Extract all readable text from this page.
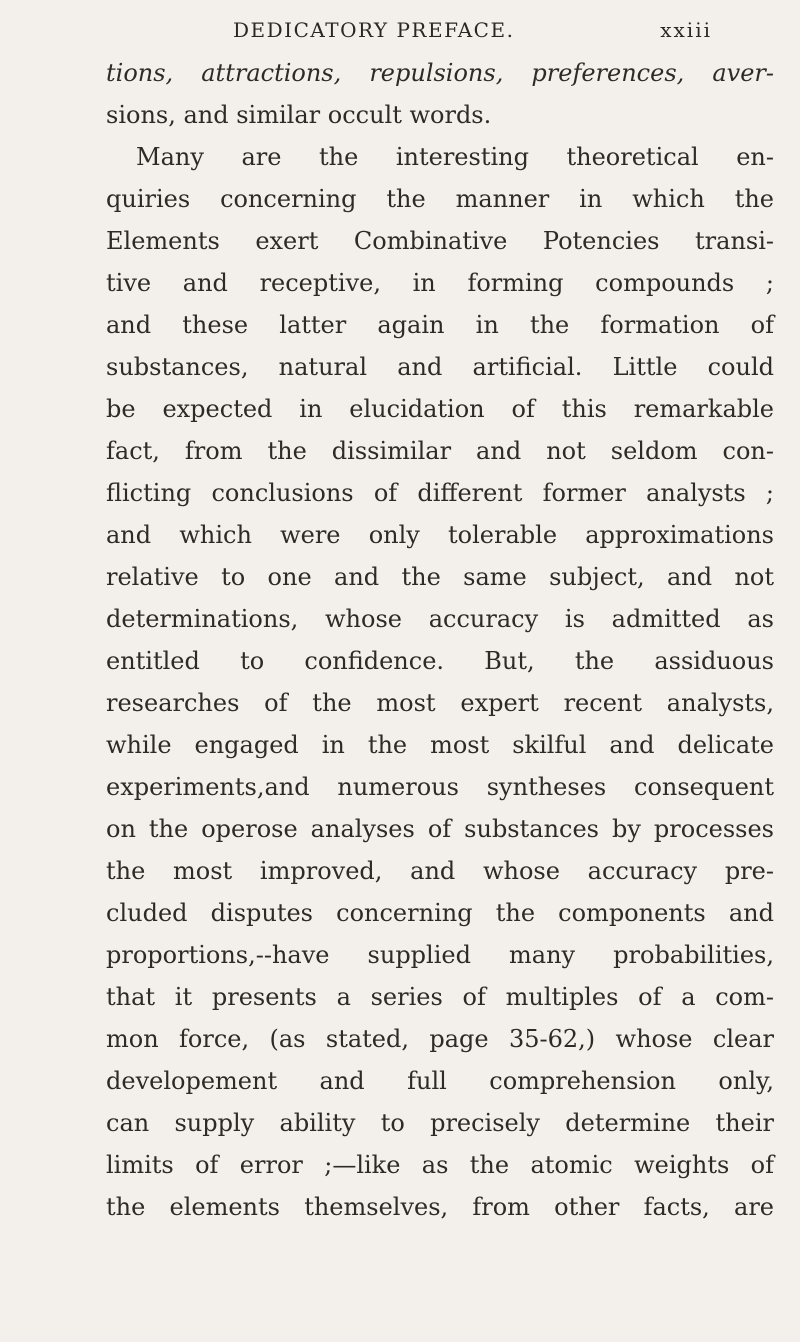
DEDICATORY PREFACE.	xxiii
tions, attractions, repulsions, preferences, aver-
sions, and similar occult words.
Many are the interesting theoretical en-
quiries concerning the manner in which the
Elements exert Combinative Potencies transi-
tive and receptive, in forming compounds ;
and these latter again in the formation of
substances, natural and artificial. Little could
be expected in elucidation of this remarkable
fact, from the dissimilar and not seldom con-
flicting conclusions of different former analysts ;
and which were only tolerable approximations
relative to one and the same subject, and not
determinations, whose accuracy is admitted as
entitled to confidence. But, the assiduous
researches of the most expert recent analysts,
while engaged in the most skilful and delicate
experiments,and numerous syntheses consequent
on the operose analyses of substances by processes
the most improved, and whose accuracy pre-
cluded disputes concerning the components and
proportions,--have supplied many probabilities,
that it presents a series of multiples of a com-
mon force, (as stated, page 35-62,) whose clear
developement and full comprehension only,
can supply ability to precisely determine their
limits of error ;—like as the atomic weights of
the elements themselves, from other facts, are
